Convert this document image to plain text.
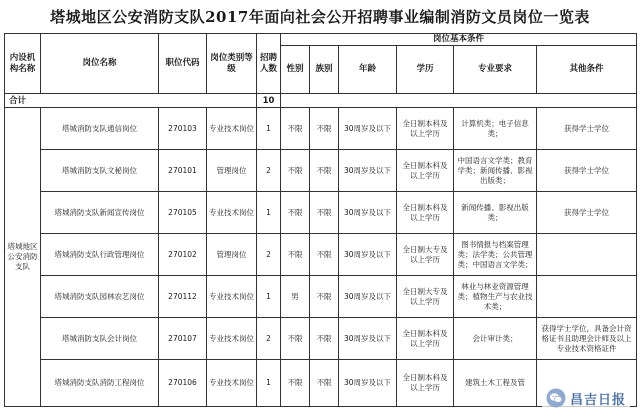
塔城地区公安消防支队2017年面向社会公开招聘事业编制消防文员岗位一览表
内设机构名称	岗位名称	职位代码	岗位类别等级	招聘人数	岗位基本条件					
					性别	族别	年龄	学历	专业要求	其他条件
合计				10						

塔城地区公安消防支队	塔城消防支队通信岗位	270103	专业技术岗位	1	不限	不限	30周岁及以下	全日制本科及以上学历	计算机类；电子信息类；	获得学士学位
	塔城消防支队文秘岗位	270101	管理岗位	2	不限	不限	30周岁及以下	全日制本科及以上学历	中国语言文学类；教育学类；新闻传播、影视出版类；	获得学士学位
	塔城消防支队新闻宣传岗位	270105	专业技术岗位	1	不限	不限	30周岁及以下	全日制本科及以上学历	新闻传播、影视出版类；	获得学士学位
	塔城消防支队行政管理岗位	270102	管理岗位	2	不限	不限	30周岁及以下	全日制大专及以上学历	图书情报与档案管理类；法学类；公共管理类；中国语言文学类；	
	塔城消防支队园林农艺岗位	270112	专业技术岗位	1	男	不限	30周岁及以下	全日制大专及以上学历	林业与林业资源管理类；植物生产与农业技术类；	
	塔城消防支队会计岗位	270107	专业技术岗位	2	不限	不限	30周岁及以下	全日制本科及以上学历	会计审计类；	获得学士学位，具备会计资格证书且助理会计师及以上专业技术资格证件
	塔城消防支队消防工程岗位	270106	专业技术岗位	1	不限	不限	30周岁及以下	全日制本科及以上学历	建筑土木工程及管	
昌吉日报
